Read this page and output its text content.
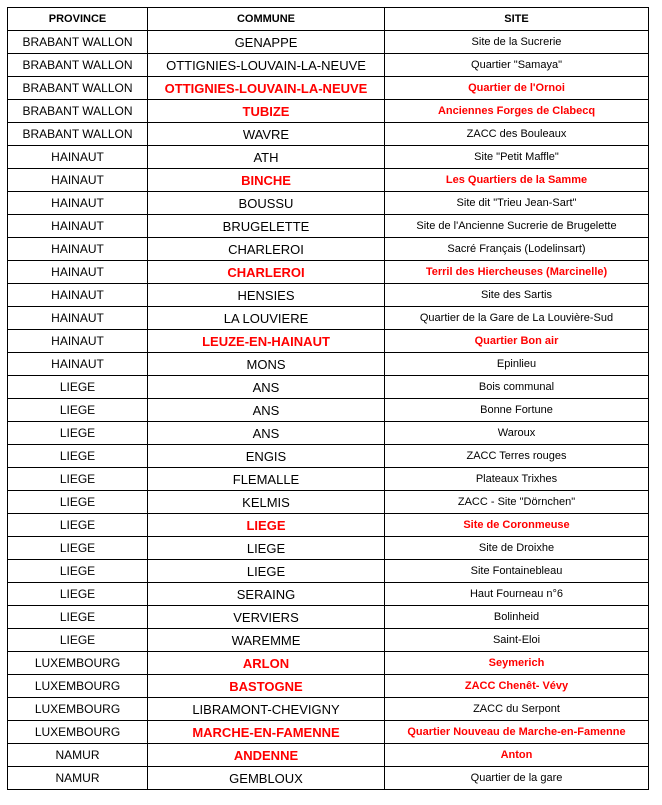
PROVINCE	COMMUNE	SITE
BRABANT WALLON	GENAPPE	Site de la Sucrerie
BRABANT WALLON	OTTIGNIES-LOUVAIN-LA-NEUVE	Quartier "Samaya"
BRABANT WALLON	OTTIGNIES-LOUVAIN-LA-NEUVE	Quartier de l'Ornoi
BRABANT WALLON	TUBIZE	Anciennes Forges de Clabecq
BRABANT WALLON	WAVRE	ZACC des Bouleaux
HAINAUT	ATH	Site "Petit Maffle"
HAINAUT	BINCHE	Les Quartiers de la Samme
HAINAUT	BOUSSU	Site dit "Trieu Jean-Sart"
HAINAUT	BRUGELETTE	Site de l'Ancienne Sucrerie de Brugelette
HAINAUT	CHARLEROI	Sacré Français (Lodelinsart)
HAINAUT	CHARLEROI	Terril des Hiercheuses (Marcinelle)
HAINAUT	HENSIES	Site des Sartis
HAINAUT	LA LOUVIERE	Quartier de la Gare de La Louvière-Sud
HAINAUT	LEUZE-EN-HAINAUT	Quartier Bon air
HAINAUT	MONS	Epinlieu
LIEGE	ANS	Bois communal
LIEGE	ANS	Bonne Fortune
LIEGE	ANS	Waroux
LIEGE	ENGIS	ZACC Terres rouges
LIEGE	FLEMALLE	Plateaux Trixhes
LIEGE	KELMIS	ZACC - Site "Dörnchen"
LIEGE	LIEGE	Site de Coronmeuse
LIEGE	LIEGE	Site de Droixhe
LIEGE	LIEGE	Site Fontainebleau
LIEGE	SERAING	Haut Fourneau n°6
LIEGE	VERVIERS	Bolinheid
LIEGE	WAREMME	Saint-Eloi
LUXEMBOURG	ARLON	Seymerich
LUXEMBOURG	BASTOGNE	ZACC Chenêt- Vévy
LUXEMBOURG	LIBRAMONT-CHEVIGNY	ZACC du Serpont
LUXEMBOURG	MARCHE-EN-FAMENNE	Quartier Nouveau de Marche-en-Famenne
NAMUR	ANDENNE	Anton
NAMUR	GEMBLOUX	Quartier de la gare
